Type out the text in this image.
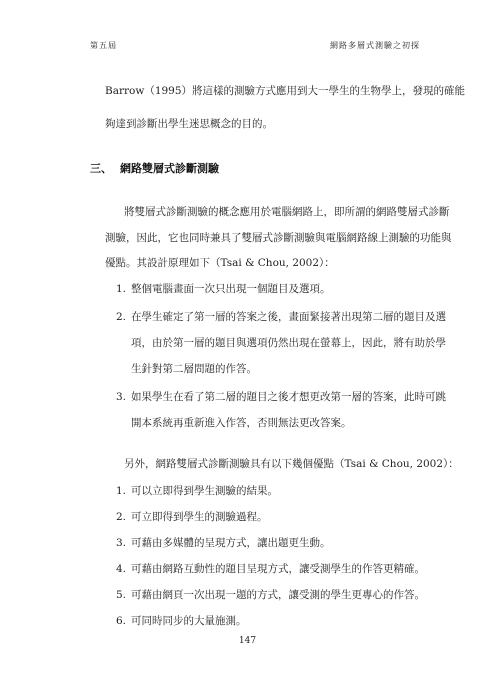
第五屆	網路多層式測驗之初探
Barrow（1995）將這樣的測驗方式應用到大一學生的生物學上，發現的確能
夠達到診斷出學生迷思概念的目的。
三、 網路雙層式診斷測驗
將雙層式診斷測驗的概念應用於電腦網路上，即所謂的網路雙層式診斷
測驗，因此，它也同時兼具了雙層式診斷測驗與電腦網路線上測驗的功能與
優點。其設計原理如下（Tsai & Chou, 2002）：
1. 整個電腦畫面一次只出現一個題目及選項。
2. 在學生確定了第一層的答案之後，畫面緊接著出現第二層的題目及選
項，由於第一層的題目與選項仍然出現在螢幕上，因此，將有助於學
生針對第二層問題的作答。
3. 如果學生在看了第二層的題目之後才想更改第一層的答案，此時可跳
開本系統再重新進入作答，否則無法更改答案。
另外，網路雙層式診斷測驗具有以下幾個優點（Tsai & Chou, 2002）：
1. 可以立即得到學生測驗的結果。
2. 可立即得到學生的測驗過程。
3. 可藉由多媒體的呈現方式，讓出題更生動。
4. 可藉由網路互動性的題目呈現方式，讓受測學生的作答更精確。
5. 可藉由網頁一次出現一題的方式，讓受測的學生更專心的作答。
6. 可同時同步的大量施測。
147
